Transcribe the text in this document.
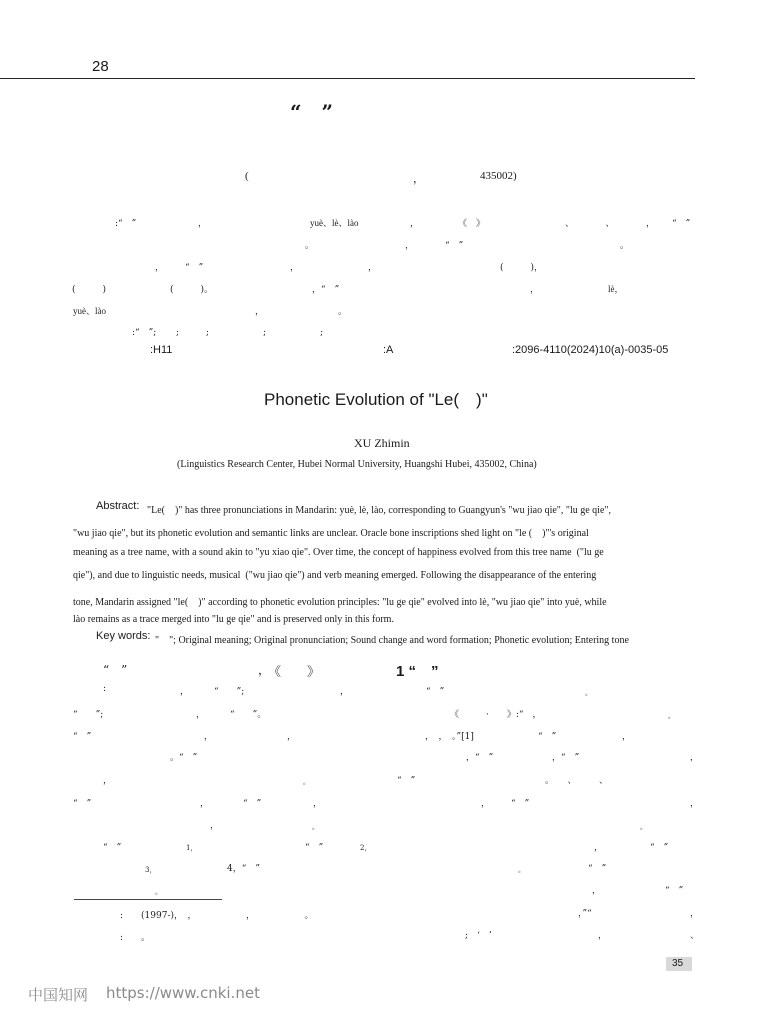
28
“　”
(	，	435002)
:“　”	，	yuè、lè、lào	，	《　》	、　　　　、　　　　， “　”
。	，	“　”	。
， “　”	，	，	(　　　)，
(　　　)	(　　　)。	，“　”	，	lè，
yuè、lào	，	。
:“　”; ;　　　;　　　　　　;　　　　　　;
:H11	:A	:2096-4110(2024)10(a)-0035-05
Phonetic Evolution of "Le(　)"
XU Zhimin
(Linguistics Research Center, Hubei Normal University, Huangshi Hubei, 435002, China)
Abstract: "Le(　)" has three pronunciations in Mandarin: yuè, lè, lào, corresponding to Guangyun's "wu jiao qie", "lu ge qie",
"wu jiao qie", but its phonetic evolution and semantic links are unclear. Oracle bone inscriptions shed light on "le (　)"'s original
meaning as a tree name, with a sound akin to "yu xiao qie". Over time, the concept of happiness evolved from this tree name  ("lu ge
qie"), and due to linguistic needs, musical  ("wu jiao qie") and verb meaning emerged. Following the disappearance of the entering
tone, Mandarin assigned "le(　)" according to phonetic evolution principles: "lu ge qie" evolved into lè, "wu jiao qie" into yuè, while
lào remains as a trace merged into "lu ge qie" and is preserved only in this form.
Key words: "　"; Original meaning; Original pronunciation; Sound change and word formation; Phonetic evolution; Entering tone
“　”	，
《　　》	1 “　”
:	，	“　　”;	，	“　”	。
“　　”;	，	“　　”。	《　　　·　　》:“　，	。
“　”	，	，	，　，　。”[1]	“　”	，
。“　”	，“　”	，“　”	，
，	。	“　”	。　　、　　　、
“　”	，	“　”	，	， “　”	，
，	。	。
“　”	1，	“　”	2，	，	“　”
3，	4，“　”	。	“　”
。	，	“　”
，”“	，
;　‘　’	，	、
:　　(1997-)，　，　　　　　　，　　　　　　。
:　　。
35
中国知网 https://www.cnki.net
